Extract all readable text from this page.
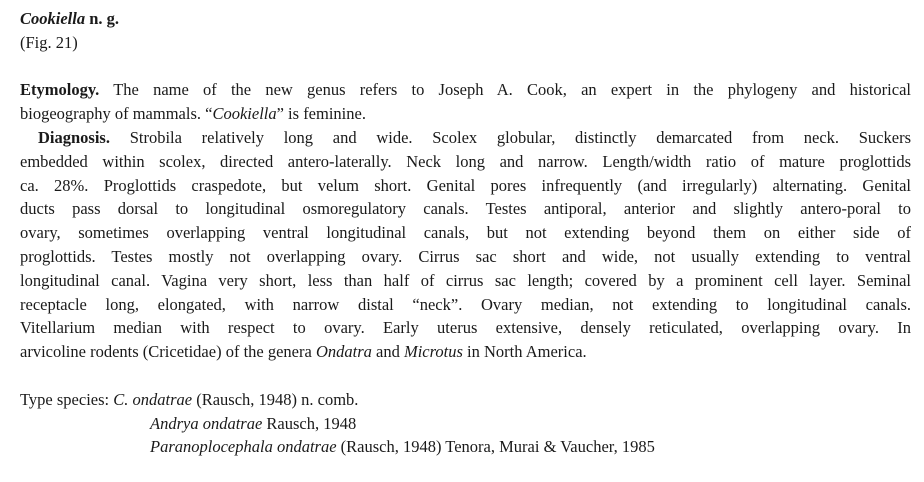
Cookiella n. g.
(Fig. 21)
Etymology. The name of the new genus refers to Joseph A. Cook, an expert in the phylogeny and historical
biogeography of mammals. “Cookiella” is feminine.
Diagnosis. Strobila relatively long and wide. Scolex globular, distinctly demarcated from neck. Suckers
embedded within scolex, directed antero-laterally. Neck long and narrow. Length/width ratio of mature proglottids
ca. 28%. Proglottids craspedote, but velum short. Genital pores infrequently (and irregularly) alternating. Genital
ducts pass dorsal to longitudinal osmoregulatory canals. Testes antiporal, anterior and slightly antero-poral to
ovary, sometimes overlapping ventral longitudinal canals, but not extending beyond them on either side of
proglottids. Testes mostly not overlapping ovary. Cirrus sac short and wide, not usually extending to ventral
longitudinal canal. Vagina very short, less than half of cirrus sac length; covered by a prominent cell layer. Seminal
receptacle long, elongated, with narrow distal “neck”. Ovary median, not extending to longitudinal canals.
Vitellarium median with respect to ovary. Early uterus extensive, densely reticulated, overlapping ovary. In
arvicoline rodents (Cricetidae) of the genera Ondatra and Microtus in North America.
Type species: C. ondatrae (Rausch, 1948) n. comb.
Andrya ondatrae Rausch, 1948
Paranoplocephala ondatrae (Rausch, 1948) Tenora, Murai & Vaucher, 1985
